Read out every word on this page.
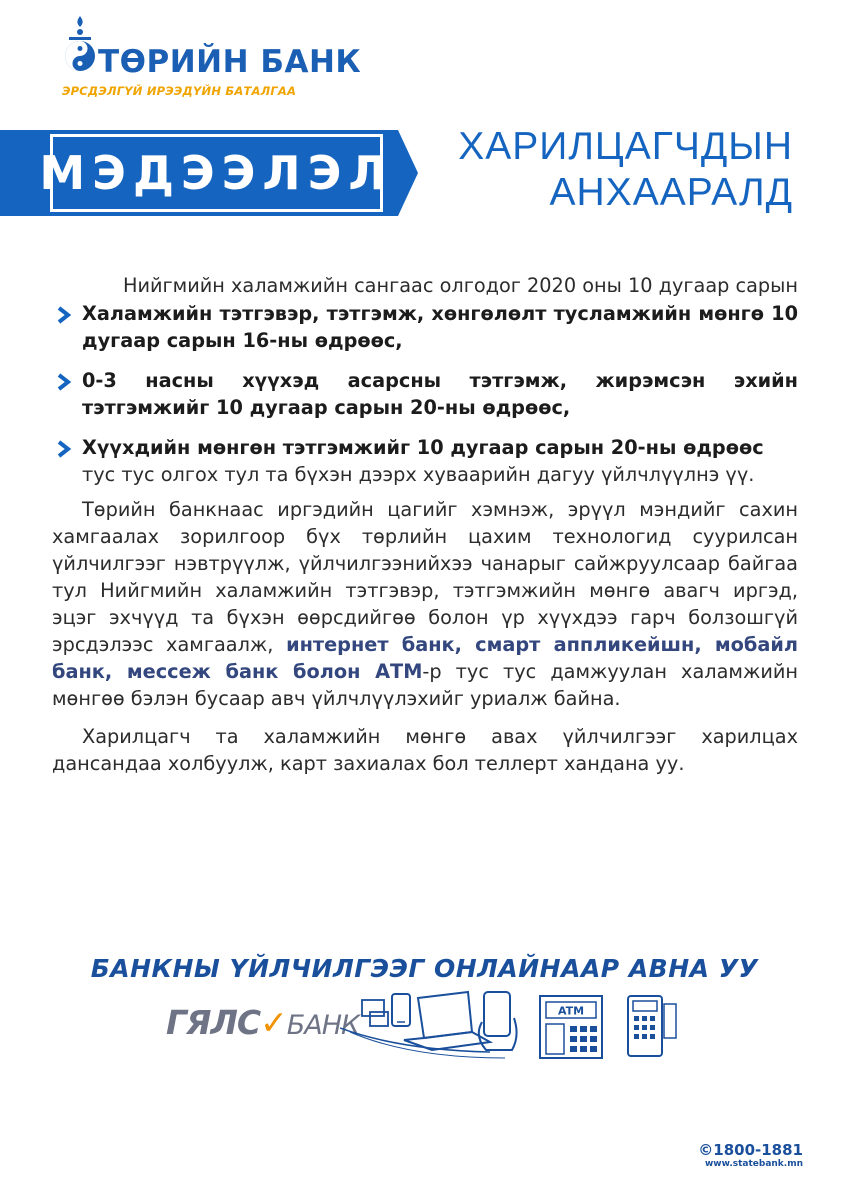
ТӨРИЙН БАНК
ЭРСДЭЛГҮЙ ИРЭЭДҮЙН БАТАЛГАА
МЭДЭЭЛЭЛ ХАРИЛЦАГЧДЫН
АНХААРАЛД

Нийгмийн халамжийн сангаас олгодог 2020 оны 10 дугаар сарын

Халамжийн тэтгэвэр, тэтгэмж, хөнгөлөлт тусламжийн мөнгө 10 дугаар сарын 16-ны өдрөөс,
0-3 насны хүүхэд асарсны тэтгэмж, жирэмсэн эхийн тэтгэмжийг 10 дугаар сарын 20-ны өдрөөс,
Хүүхдийн мөнгөн тэтгэмжийг 10 дугаар сарын 20-ны өдрөөс
тус тус олгох тул та бүхэн дээрх хуваарийн дагуу үйлчлүүлнэ үү.

Төрийн банкнаас иргэдийн цагийг хэмнэж, эрүүл мэндийг сахин хамгаалах зорилгоор бүх төрлийн цахим технологид суурилсан үйлчилгээг нэвтрүүлж, үйлчилгээнийхээ чанарыг сайжруулсаар байгаа тул Нийгмийн халамжийн тэтгэвэр, тэтгэмжийн мөнгө авагч иргэд, эцэг эхчүүд та бүхэн өөрсдийгөө болон үр хүүхдээ гарч болзошгүй эрсдэлээс хамгаалж, интернет банк, смарт аппликейшн, мобайл банк, мессеж банк болон АТМ-р тус тус дамжуулан халамжийн мөнгөө бэлэн бусаар авч үйлчлүүлэхийг уриалж байна.

Харилцагч та халамжийн мөнгө авах үйлчилгээг харилцах дансандаа холбуулж, карт захиалах бол теллерт хандана уу.

БАНКНЫ ҮЙЛЧИЛГЭЭГ ОНЛАЙНААР АВНА УУ
ГЯЛС✓БАНК	ATM
©1800-1881
www.statebank.mn
